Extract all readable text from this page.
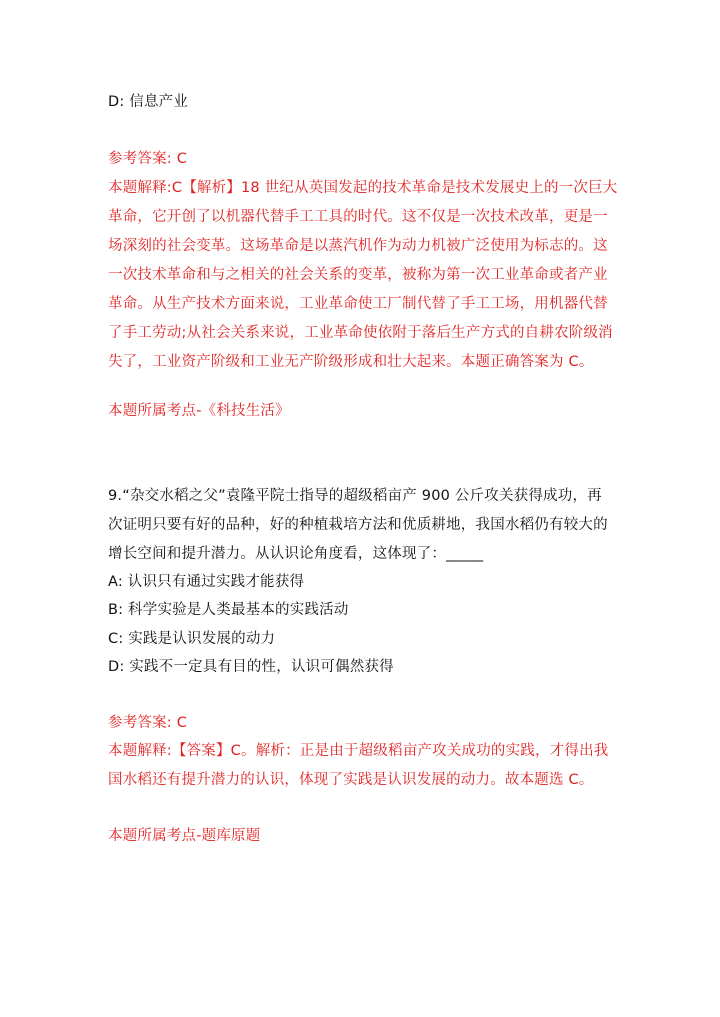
D: 信息产业
参考答案: C
本题解释:C【解析】18 世纪从英国发起的技术革命是技术发展史上的一次巨大
革命，它开创了以机器代替手工工具的时代。这不仅是一次技术改革，更是一
场深刻的社会变革。这场革命是以蒸汽机作为动力机被广泛使用为标志的。这
一次技术革命和与之相关的社会关系的变革，被称为第一次工业革命或者产业
革命。从生产技术方面来说，工业革命使工厂制代替了手工工场，用机器代替
了手工劳动;从社会关系来说，工业革命使依附于落后生产方式的自耕农阶级消
失了，工业资产阶级和工业无产阶级形成和壮大起来。本题正确答案为 C。
本题所属考点-《科技生活》
9.“杂交水稻之父”袁隆平院士指导的超级稻亩产 900 公斤攻关获得成功，再
次证明只要有好的品种，好的种植栽培方法和优质耕地，我国水稻仍有较大的
增长空间和提升潜力。从认识论角度看，这体现了：_____
A: 认识只有通过实践才能获得
B: 科学实验是人类最基本的实践活动
C: 实践是认识发展的动力
D: 实践不一定具有目的性，认识可偶然获得
参考答案: C
本题解释:【答案】C。解析：正是由于超级稻亩产攻关成功的实践，才得出我
国水稻还有提升潜力的认识，体现了实践是认识发展的动力。故本题选 C。
本题所属考点-题库原题
